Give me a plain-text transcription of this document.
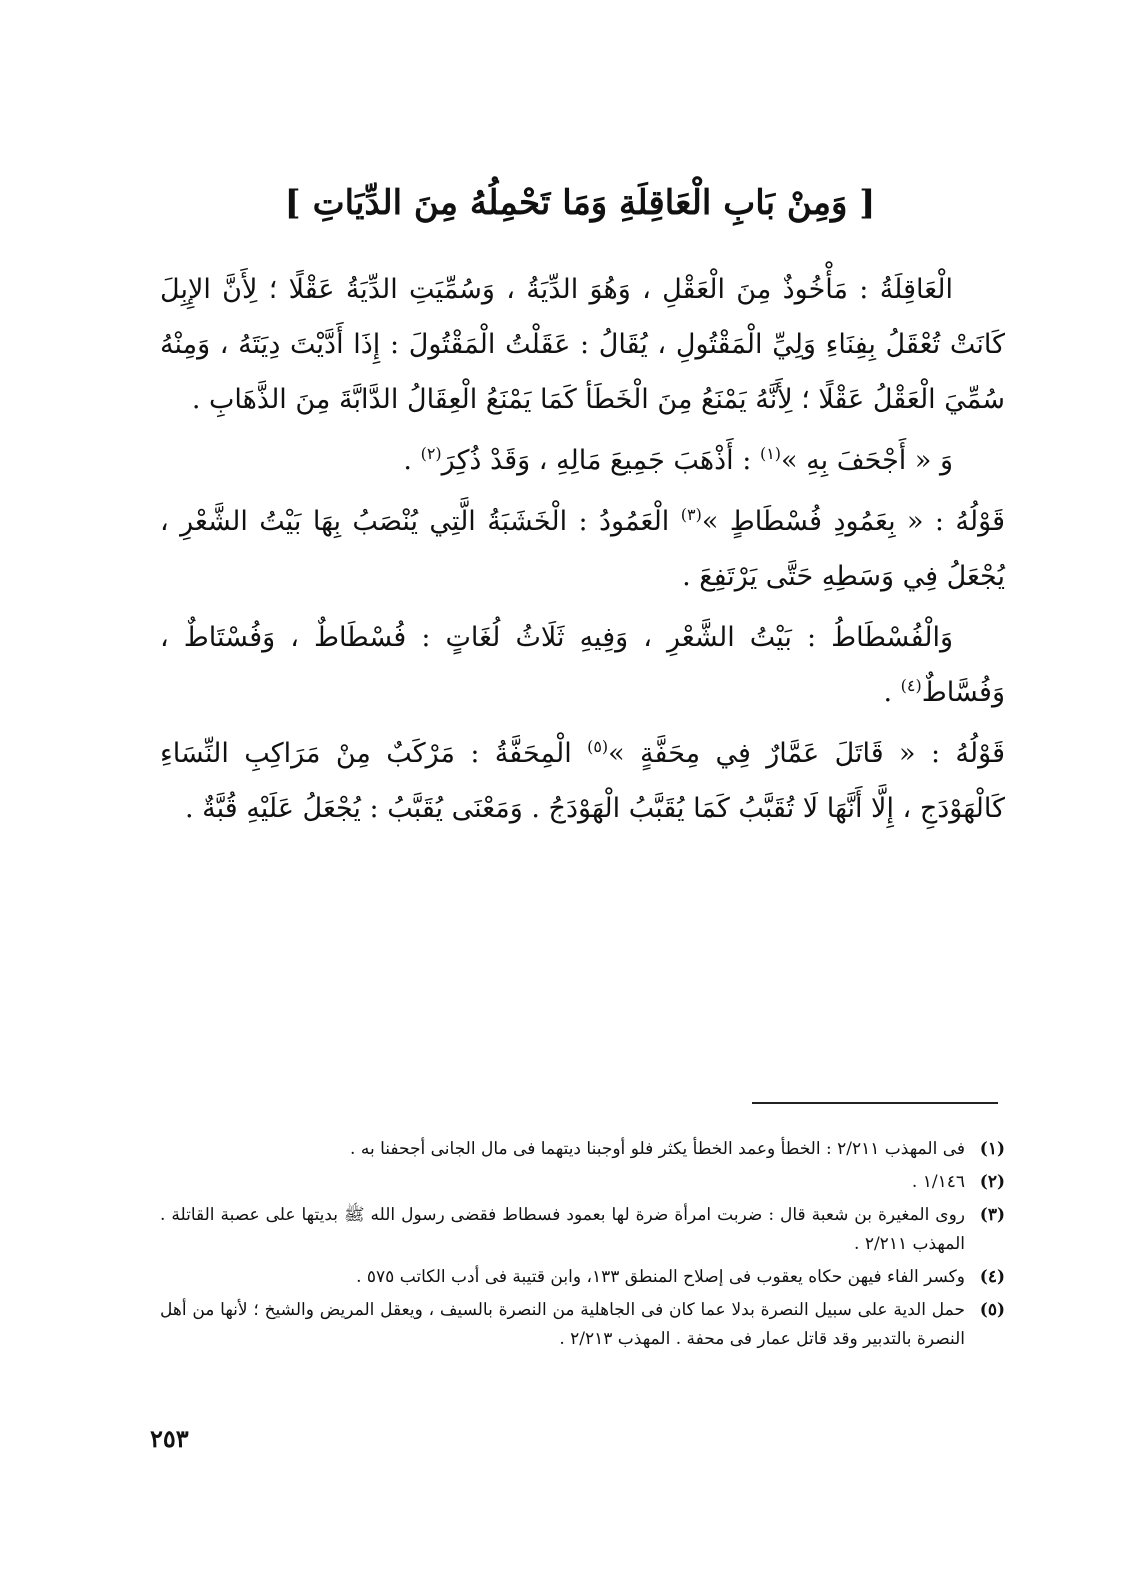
[ وَمِنْ بَابِ الْعَاقِلَةِ وَمَا تَحْمِلُهُ مِنَ الدِّيَاتِ ]

الْعَاقِلَةُ : مَأْخُوذٌ مِنَ الْعَقْلِ ، وَهُوَ الدِّيَةُ ، وَسُمِّيَتِ الدِّيَةُ عَقْلًا ؛ لِأَنَّ الإِبِلَ كَانَتْ تُعْقَلُ بِفِنَاءِ وَلِيِّ الْمَقْتُولِ ، يُقَالُ : عَقَلْتُ الْمَقْتُولَ : إِذَا أَدَّيْتَ دِيَتَهُ ، وَمِنْهُ سُمِّيَ الْعَقْلُ عَقْلًا ؛ لِأَنَّهُ يَمْنَعُ مِنَ الْخَطَأ كَمَا يَمْنَعُ الْعِقَالُ الدَّابَّةَ مِنَ الذَّهَابِ .

وَ « أَجْحَفَ بِهِ »$^{(١)}$ : أَذْهَبَ جَمِيعَ مَالِهِ ، وَقَدْ ذُكِرَ$^{(٢)}$ .

قَوْلُهُ : « بِعَمُودِ فُسْطَاطٍ »$^{(٣)}$ الْعَمُودُ : الْخَشَبَةُ الَّتِي يُنْصَبُ بِهَا بَيْتُ الشَّعْرِ ، يُجْعَلُ فِي وَسَطِهِ حَتَّى يَرْتَفِعَ .

وَالْفُسْطَاطُ : بَيْتُ الشَّعْرِ ، وَفِيهِ ثَلَاثُ لُغَاتٍ : فُسْطَاطٌ ، وَفُسْتَاطٌ ، وَفُسَّاطٌ$^{(٤)}$ .

قَوْلُهُ : « قَاتَلَ عَمَّارٌ فِي مِحَفَّةٍ »$^{(٥)}$ الْمِحَفَّةُ : مَرْكَبٌ مِنْ مَرَاكِبِ النِّسَاءِ كَالْهَوْدَجِ ، إِلَّا أَنَّهَا لَا تُقَبَّبُ كَمَا يُقَبَّبُ الْهَوْدَجُ . وَمَعْنَى يُقَبَّبُ : يُجْعَلُ عَلَيْهِ قُبَّةٌ .

(١)
فى المهذب ٢/٢١١ : الخطأ وعمد الخطأ يكثر فلو أوجبنا ديتهما فى مال الجانى أجحفنا به .
(٢)
١/١٤٦ .
(٣)
روى المغيرة بن شعبة قال : ضربت امرأة ضرة لها بعمود فسطاط فقضى رسول الله ﷺ بديتها على عصبة القاتلة . المهذب ٢/٢١١ .
(٤)
وكسر الفاء فيهن حكاه يعقوب فى إصلاح المنطق ١٣٣، وابن قتيبة فى أدب الكاتب ٥٧٥ .
(٥)
حمل الدية على سبيل النصرة بدلا عما كان فى الجاهلية من النصرة بالسيف ، ويعقل المريض والشيخ ؛ لأنها من أهل النصرة بالتدبير وقد قاتل عمار فى محفة . المهذب ٢/٢١٣ .
٢٥٣
